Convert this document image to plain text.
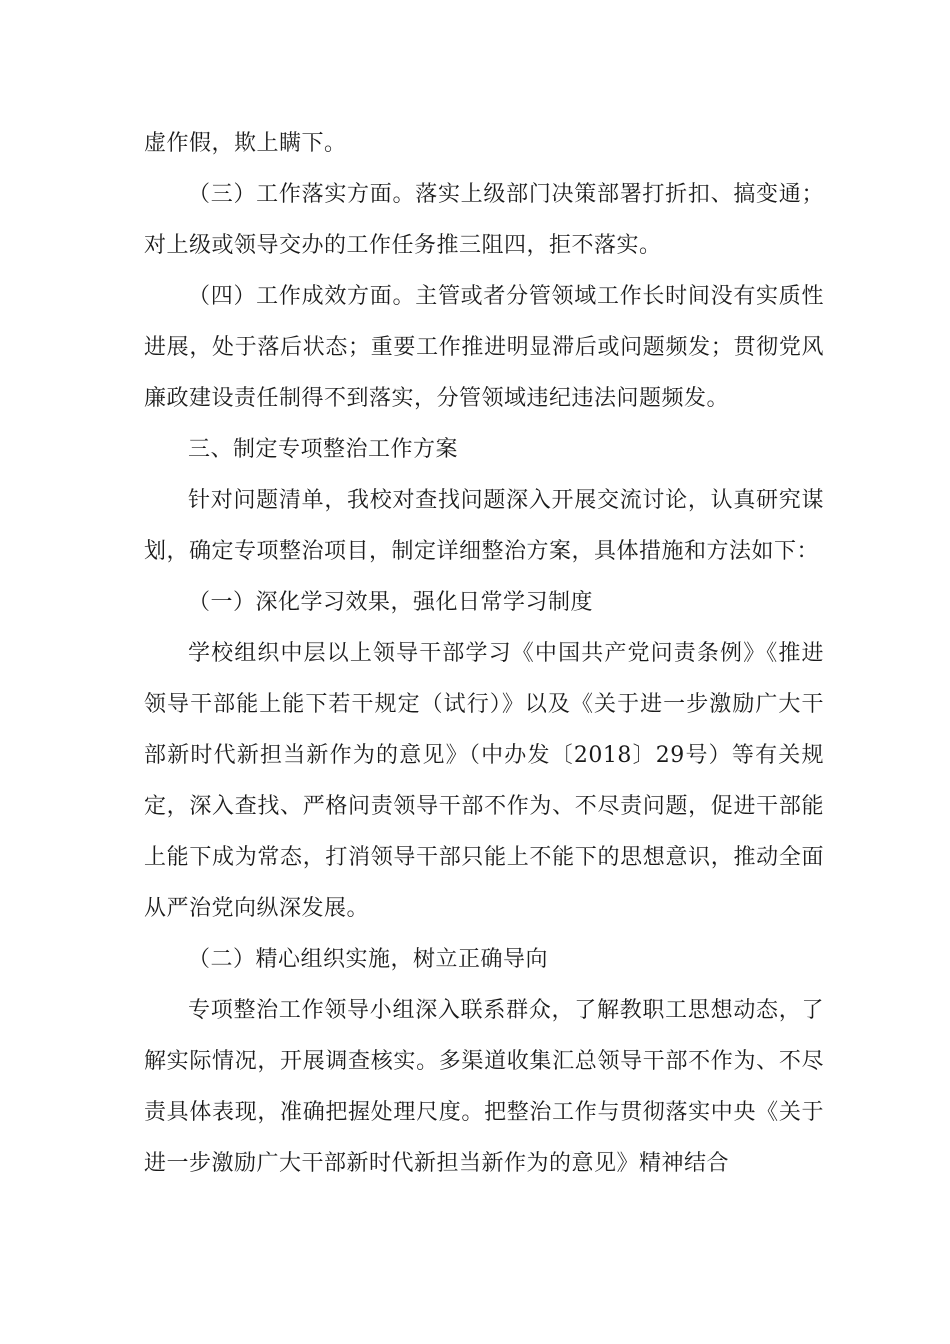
虚作假，欺上瞒下。

（三）工作落实方面。落实上级部门决策部署打折扣、搞变通；对上级或领导交办的工作任务推三阻四，拒不落实。

（四）工作成效方面。主管或者分管领域工作长时间没有实质性进展，处于落后状态；重要工作推进明显滞后或问题频发；贯彻党风廉政建设责任制得不到落实，分管领域违纪违法问题频发。

三、制定专项整治工作方案

针对问题清单，我校对查找问题深入开展交流讨论，认真研究谋划，确定专项整治项目，制定详细整治方案，具体措施和方法如下：

（一）深化学习效果，强化日常学习制度

学校组织中层以上领导干部学习《中国共产党问责条例》《推进领导干部能上能下若干规定（试行）》以及《关于进一步激励广大干部新时代新担当新作为的意见》（中办发〔2018〕29号）等有关规定，深入查找、严格问责领导干部不作为、不尽责问题，促进干部能上能下成为常态，打消领导干部只能上不能下的思想意识，推动全面从严治党向纵深发展。

（二）精心组织实施，树立正确导向

专项整治工作领导小组深入联系群众，了解教职工思想动态，了解实际情况，开展调查核实。多渠道收集汇总领导干部不作为、不尽责具体表现，准确把握处理尺度。把整治工作与贯彻落实中央《关于进一步激励广大干部新时代新担当新作为的意见》精神结合
